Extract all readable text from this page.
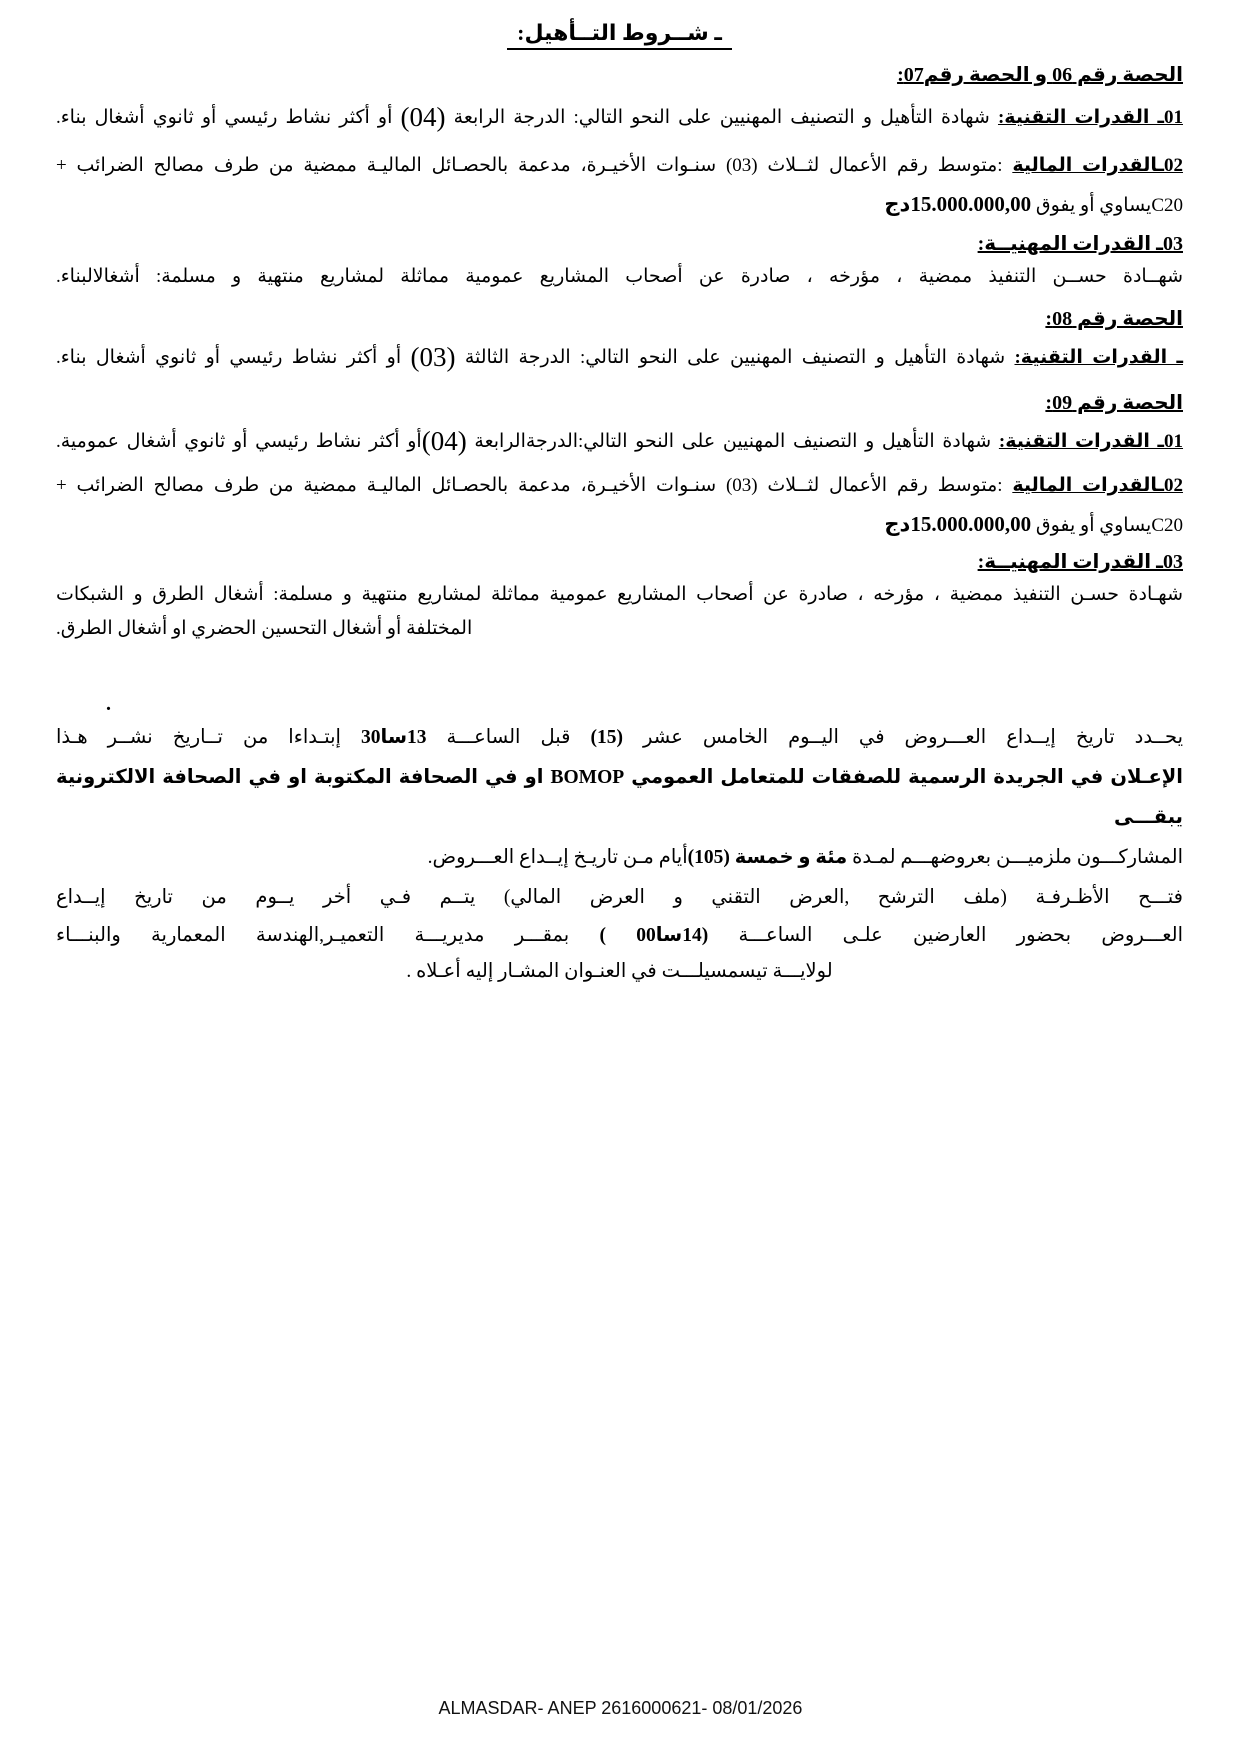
ـ شــروط التــأهيل:
الحصة رقم 06 و الحصة رقم07:
01ـ القدرات التقنية: شهادة التأهيل و التصنيف المهنيين على النحو التالي: الدرجة الرابعة (04) أو أكثر نشاط رئيسي أو ثانوي أشغال بناء.
02ـالقدرات المالية :متوسط رقم الأعمال لثــلاث (03) سنـوات الأخيـرة، مدعمة بالحصـائل الماليـة ممضية من طرف مصالح الضرائب +
C20يساوي أو يفوق 15.000.000,00دج
03ـ القدرات المهنيــة:
شهــادة حســن التنفيذ ممضية ، مؤرخه ، صادرة عن أصحاب المشاريع عمومية مماثلة لمشاريع منتهية و مسلمة: أشغالالبناء.
الحصة رقم 08:
ـ القدرات التقنية: شهادة التأهيل و التصنيف المهنيين على النحو التالي: الدرجة الثالثة (03) أو أكثر نشاط رئيسي أو ثانوي أشغال بناء.
الحصة رقم 09:
01ـ القدرات التقنية: شهادة التأهيل و التصنيف المهنيين على النحو التالي:الدرجةالرابعة (04)أو أكثر نشاط رئيسي أو ثانوي أشغال عمومية.
02ـالقدرات المالية :متوسط رقم الأعمال لثــلاث (03) سنـوات الأخيـرة، مدعمة بالحصـائل الماليـة ممضية من طرف مصالح الضرائب +
C20يساوي أو يفوق 15.000.000,00دج
03ـ القدرات المهنيــة:
شهـادة حسـن التنفيذ ممضية ، مؤرخه ، صادرة عن أصحاب المشاريع عمومية مماثلة لمشاريع منتهية و مسلمة: أشغال الطرق و الشبكات
المختلفة أو أشغال التحسين الحضري او أشغال الطرق.
.
يحــدد تاريخ إيــداع العـــروض في اليــوم الخامس عشر (15) قبل الساعـــة 13سا30 إبتـداءا من تــاريخ نشــر هـذا
الإعـلان في الجريدة الرسمية للصفقات للمتعامل العمومي BOMOP او في الصحافة المكتوبة او في الصحافة الالكترونية يبقـــى
المشاركـــون ملزميـــن بعروضهـــم لمـدة مئة و خمسة (105)أيام مـن تاريـخ إيــداع العـــروض.
فتـــح الأظـرفـة (ملف الترشح ,العرض التقني و العرض المالي) يتــم فـي أخر يــوم من تاريخ إيــداع
العـــروض بحضور العارضين علـى الساعـــة (14سا00 ) بمقـــر مديريـــة التعميـر,الهندسة المعمارية والبنـــاء
لولايـــة تيسمسيلـــت في العنـوان المشـار إليه أعـلاه .
ALMASDAR- ANEP 2616000621- 08/01/2026
